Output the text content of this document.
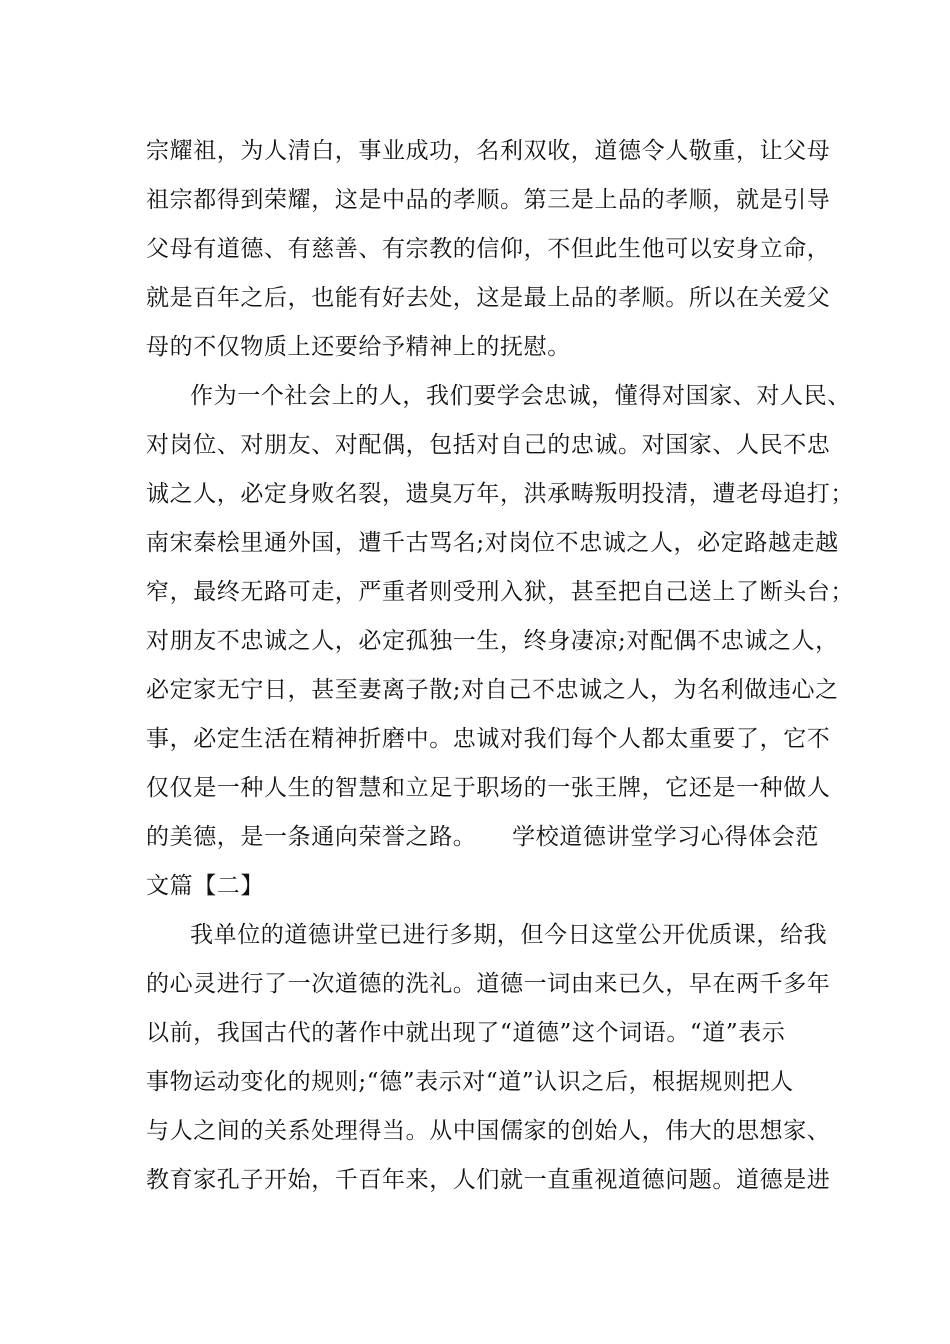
宗耀祖，为人清白，事业成功，名利双收，道德令人敬重，让父母
祖宗都得到荣耀，这是中品的孝顺。第三是上品的孝顺，就是引导
父母有道德、有慈善、有宗教的信仰，不但此生他可以安身立命，
就是百年之后，也能有好去处，这是最上品的孝顺。所以在关爱父
母的不仅物质上还要给予精神上的抚慰。
作为一个社会上的人，我们要学会忠诚，懂得对国家、对人民、
对岗位、对朋友、对配偶，包括对自己的忠诚。对国家、人民不忠
诚之人，必定身败名裂，遗臭万年，洪承畴叛明投清，遭老母追打；
南宋秦桧里通外国，遭千古骂名;对岗位不忠诚之人，必定路越走越
窄，最终无路可走，严重者则受刑入狱，甚至把自己送上了断头台；
对朋友不忠诚之人，必定孤独一生，终身凄凉;对配偶不忠诚之人，
必定家无宁日，甚至妻离子散;对自己不忠诚之人，为名利做违心之
事，必定生活在精神折磨中。忠诚对我们每个人都太重要了，它不
仅仅是一种人生的智慧和立足于职场的一张王牌，它还是一种做人
的美德，是一条通向荣誉之路。　　学校道德讲堂学习心得体会范
文篇【二】
我单位的道德讲堂已进行多期，但今日这堂公开优质课，给我
的心灵进行了一次道德的洗礼。道德一词由来已久，早在两千多年
以前，我国古代的著作中就出现了“道德”这个词语。“道”表示
事物运动变化的规则;“德”表示对“道”认识之后，根据规则把人
与人之间的关系处理得当。从中国儒家的创始人，伟大的思想家、
教育家孔子开始，千百年来，人们就一直重视道德问题。道德是进
